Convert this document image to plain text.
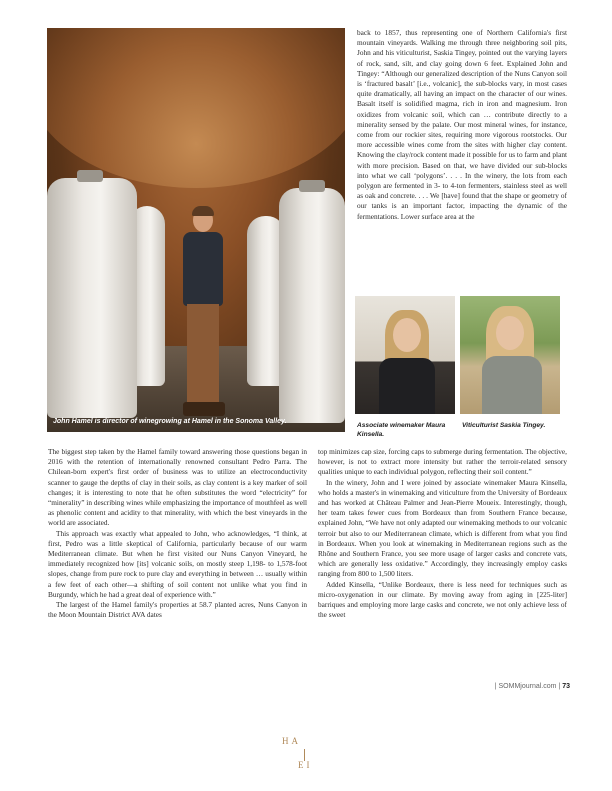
John Hamel is director of winegrowing at Hamel in the Sonoma Valley.

back to 1857, thus representing one of Northern California's first mountain vineyards. Walking me through three neighboring soil pits, John and his viticulturist, Saskia Tingey, pointed out the varying layers of rock, sand, silt, and clay going down 6 feet. Explained John and Tingey: “Although our generalized description of the Nuns Canyon soil is ‘fractured basalt’ [i.e., volcanic], the sub-blocks vary, in most cases quite dramatically, all having an impact on the character of our wines. Basalt itself is solidified magma, rich in iron and magnesium. Iron oxidizes from volcanic soil, which can … contribute directly to a minerality sensed by the palate. Our most mineral wines, for instance, come from our rockier sites, requiring more vigorous rootstocks. Our more accessible wines come from the sites with higher clay content. Knowing the clay/rock content made it possible for us to farm and plant with more precision. Based on that, we have divided our sub-blocks into what we call ‘polygons’. . . . In the winery, the lots from each polygon are fermented in 3- to 4-ton fermenters, stainless steel as well as oak and concrete. . . . We [have] found that the shape or geometry of our tanks is an important factor, impacting the dynamic of the fermentations. Lower surface area at the

Associate winemaker Maura Kinsella.
Viticulturist Saskia Tingey.

The biggest step taken by the Hamel family toward answering those questions began in 2016 with the retention of internationally renowned consultant Pedro Parra. The Chilean-born expert's first order of business was to utilize an electroconductivity scanner to gauge the depths of clay in their soils, as clay content is a key marker of soil changes; it is interesting to note that he often substitutes the word “electricity” for “minerality” in describing wines while emphasizing the importance of mouthfeel as well as phenolic content and acidity to that minerality, with which the best vineyards in the world are associated.

This approach was exactly what appealed to John, who acknowledges, “I think, at first, Pedro was a little skeptical of California, particularly because of our warm Mediterranean climate. But when he first visited our Nuns Canyon Vineyard, he immediately recognized how [its] volcanic soils, on mostly steep 1,198- to 1,578-foot slopes, change from pure rock to pure clay and everything in between … usually within a few feet of each other—a shifting of soil content not unlike what you find in Burgundy, which he had a great deal of experience with.”

The largest of the Hamel family's properties at 58.7 planted acres, Nuns Canyon in the Moon Mountain District AVA dates

top minimizes cap size, forcing caps to submerge during fermentation. The objective, however, is not to extract more intensity but rather the terroir-related sensory qualities unique to each individual polygon, reflecting their soil content.”

In the winery, John and I were joined by associate winemaker Maura Kinsella, who holds a master's in winemaking and viticulture from the University of Bordeaux and has worked at Château Palmer and Jean-Pierre Moueix. Interestingly, though, her team takes fewer cues from Bordeaux than from Southern France because, explained John, “We have not only adapted our winemaking methods to our volcanic terroir but also to our Mediterranean climate, which is different from what you find in Bordeaux. When you look at winemaking in Mediterranean regions such as the Rhône and Southern France, you see more usage of larger casks and concrete vats, which are generally less oxidative.” Accordingly, they increasingly employ casks ranging from 800 to 1,500 liters.

Added Kinsella, “Unlike Bordeaux, there is less need for techniques such as micro-oxygenation in our climate. By moving away from aging in [225-liter] barriques and employing more large casks and concrete, we not only achieve less of the sweet

| SOMMjournal.com | 73
HA
EI
